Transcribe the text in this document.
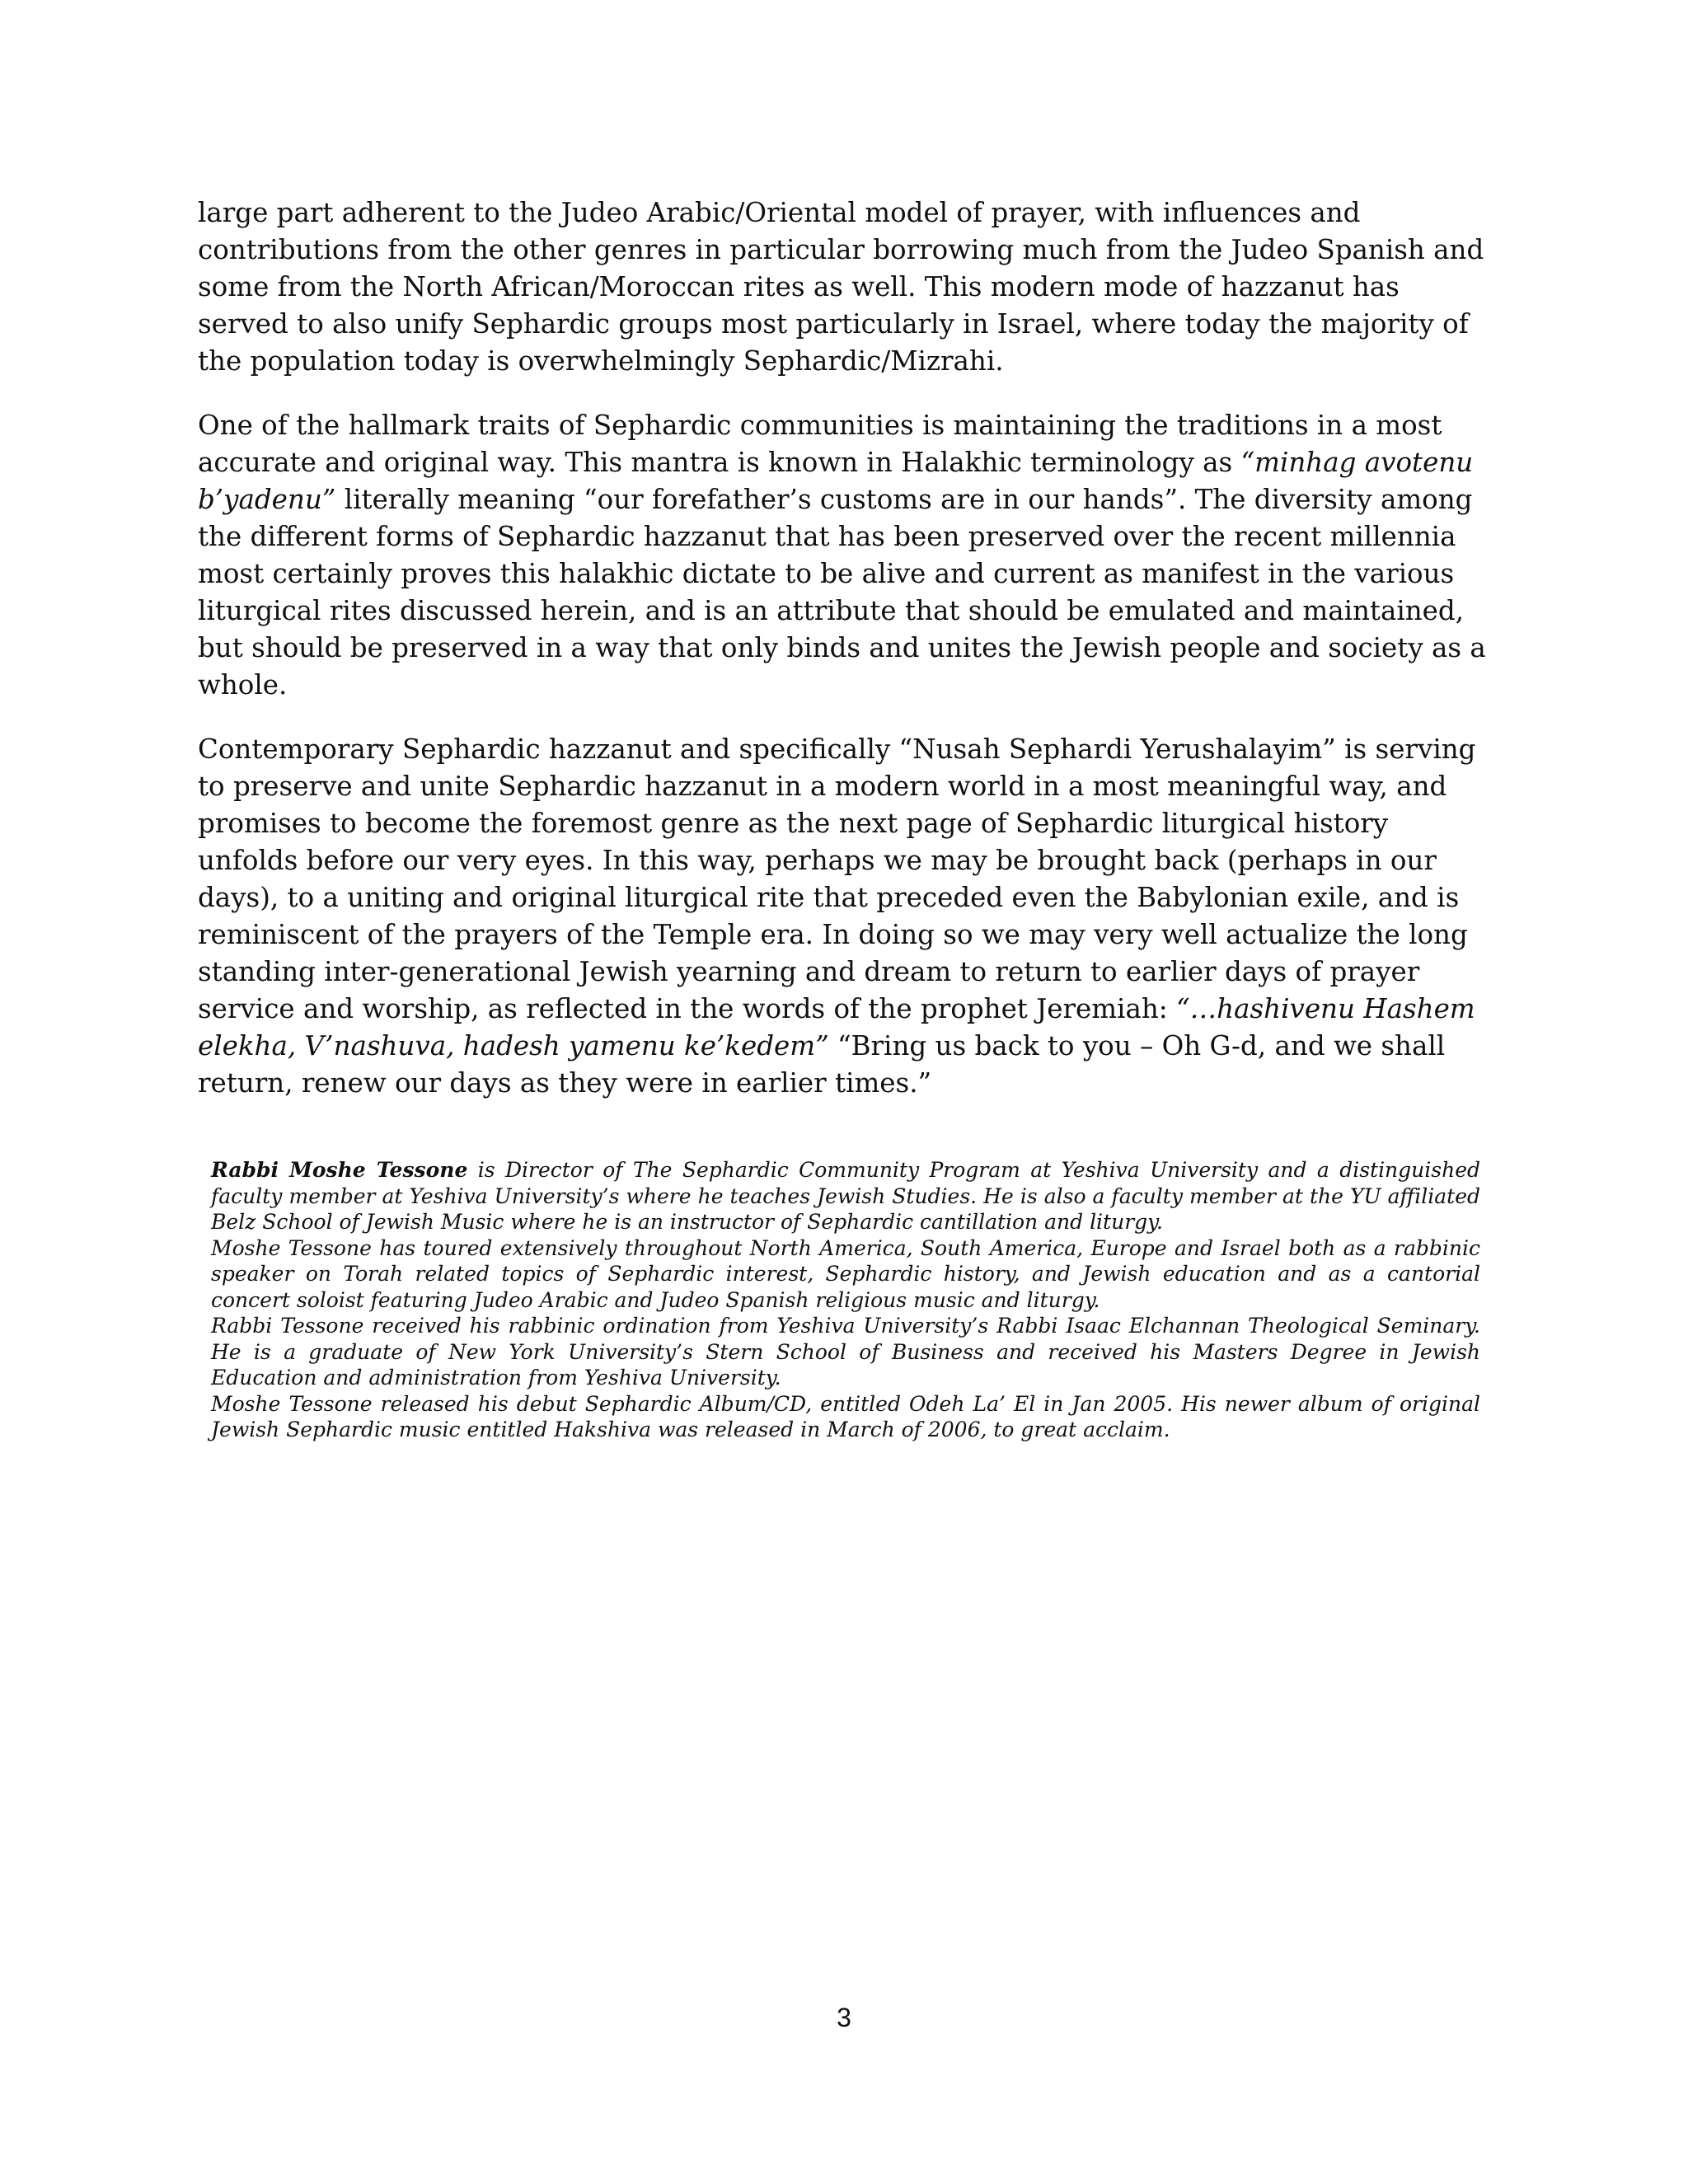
large part adherent to the Judeo Arabic/Oriental model of prayer, with influences and contributions from the other genres in particular borrowing much from the Judeo Spanish and some from the North African/Moroccan rites as well. This modern mode of hazzanut has served to also unify Sephardic groups most particularly in Israel, where today the majority of the population today is overwhelmingly Sephardic/Mizrahi.

One of the hallmark traits of Sephardic communities is maintaining the traditions in a most accurate and original way. This mantra is known in Halakhic terminology as “minhag avotenu b’yadenu” literally meaning “our forefather’s customs are in our hands”. The diversity among the different forms of Sephardic hazzanut that has been preserved over the recent millennia most certainly proves this halakhic dictate to be alive and current as manifest in the various liturgical rites discussed herein, and is an attribute that should be emulated and maintained, but should be preserved in a way that only binds and unites the Jewish people and society as a whole.

Contemporary Sephardic hazzanut and specifically “Nusah Sephardi Yerushalayim” is serving to preserve and unite Sephardic hazzanut in a modern world in a most meaningful way, and promises to become the foremost genre as the next page of Sephardic liturgical history unfolds before our very eyes. In this way, perhaps we may be brought back (perhaps in our days), to a uniting and original liturgical rite that preceded even the Babylonian exile, and is reminiscent of the prayers of the Temple era. In doing so we may very well actualize the long standing inter-generational Jewish yearning and dream to return to earlier days of prayer service and worship, as reflected in the words of the prophet Jeremiah: “…hashivenu Hashem elekha, V’nashuva, hadesh yamenu ke’kedem” “Bring us back to you – Oh G-d, and we shall return, renew our days as they were in earlier times.”

Rabbi Moshe Tessone is Director of The Sephardic Community Program at Yeshiva University and a distinguished faculty member at Yeshiva University’s where he teaches Jewish Studies. He is also a faculty member at the YU affiliated Belz School of Jewish Music where he is an instructor of Sephardic cantillation and liturgy.

Moshe Tessone has toured extensively throughout North America, South America, Europe and Israel both as a rabbinic speaker on Torah related topics of Sephardic interest, Sephardic history, and Jewish education and as a cantorial concert soloist featuring Judeo Arabic and Judeo Spanish religious music and liturgy.

Rabbi Tessone received his rabbinic ordination from Yeshiva University’s Rabbi Isaac Elchannan Theological Seminary. He is a graduate of New York University’s Stern School of Business and received his Masters Degree in Jewish Education and administration from Yeshiva University.

Moshe Tessone released his debut Sephardic Album/CD, entitled Odeh La’ El in Jan 2005. His newer album of original Jewish Sephardic music entitled Hakshiva was released in March of 2006, to great acclaim.

3
